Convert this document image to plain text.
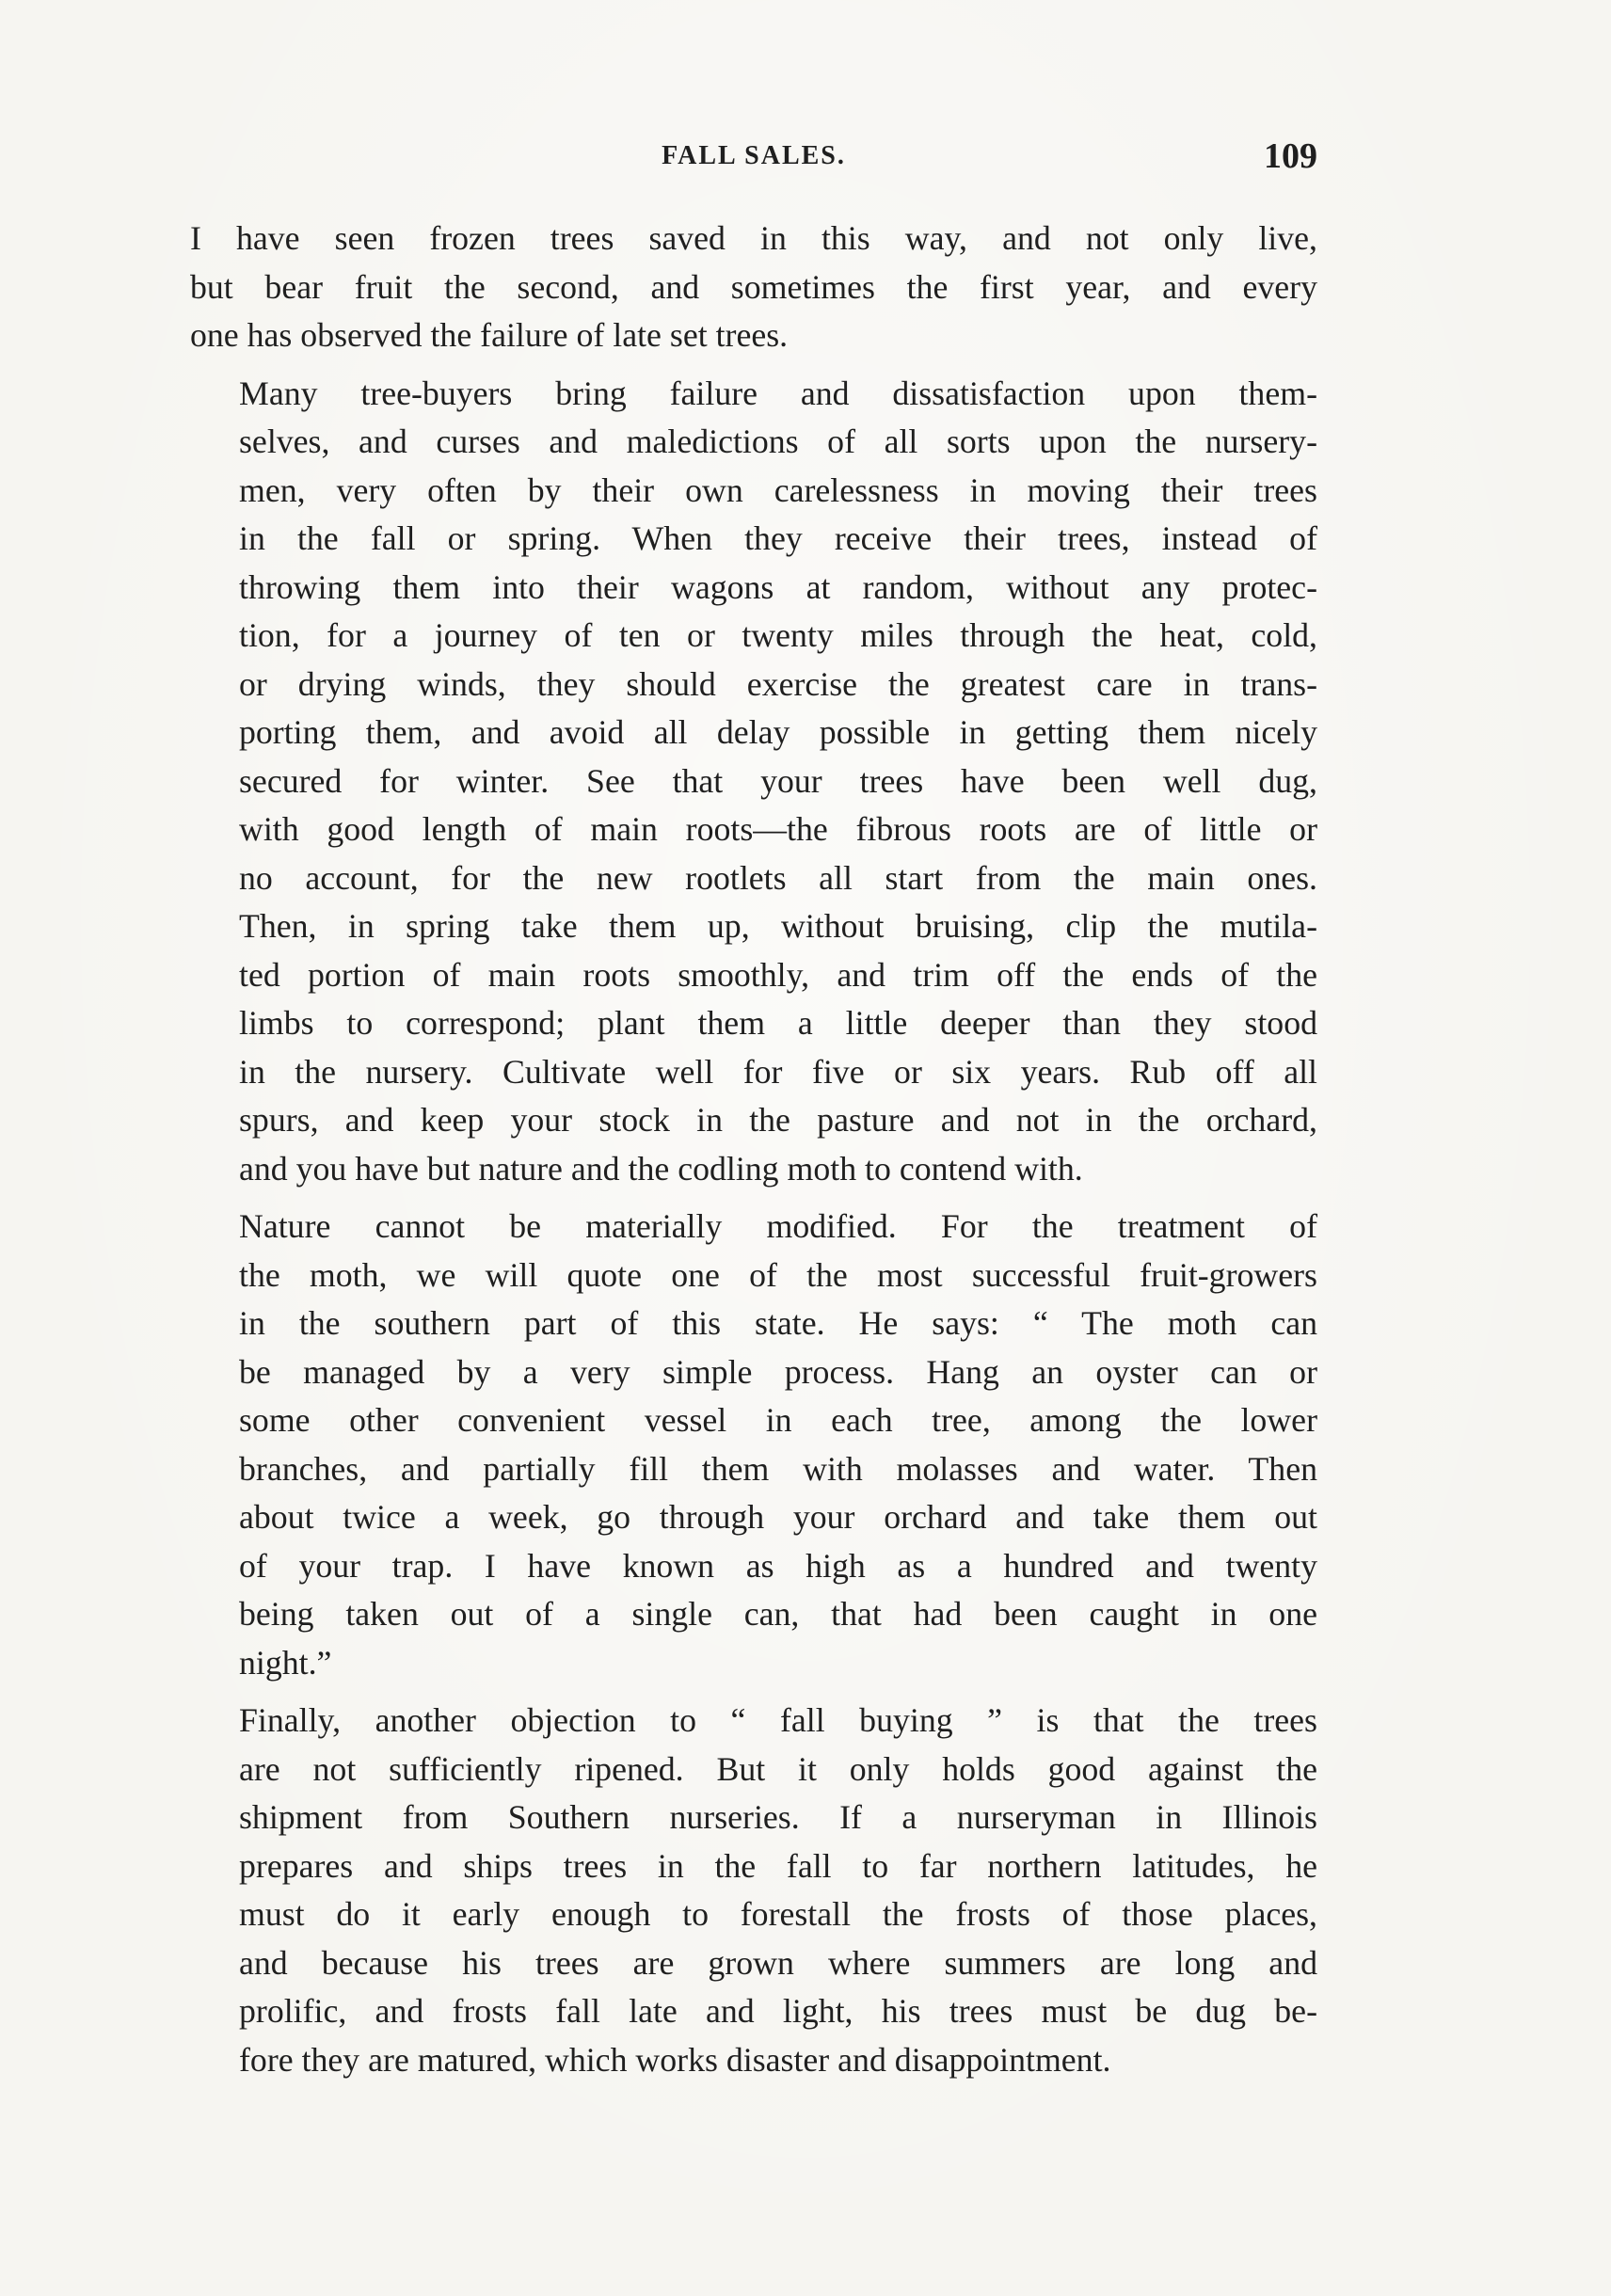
FALL SALES.	109

I have seen frozen trees saved in this way, and not only live,
but bear fruit the second, and sometimes the first year, and every
one has observed the failure of late set trees.

Many tree-buyers bring failure and dissatisfaction upon them-
selves, and curses and maledictions of all sorts upon the nursery-
men, very often by their own carelessness in moving their trees
in the fall or spring. When they receive their trees, instead of
throwing them into their wagons at random, without any protec-
tion, for a journey of ten or twenty miles through the heat, cold,
or drying winds, they should exercise the greatest care in trans-
porting them, and avoid all delay possible in getting them nicely
secured for winter. See that your trees have been well dug,
with good length of main roots—the fibrous roots are of little or
no account, for the new rootlets all start from the main ones.
Then, in spring take them up, without bruising, clip the mutila-
ted portion of main roots smoothly, and trim off the ends of the
limbs to correspond; plant them a little deeper than they stood
in the nursery. Cultivate well for five or six years. Rub off all
spurs, and keep your stock in the pasture and not in the orchard,
and you have but nature and the codling moth to contend with.

Nature cannot be materially modified. For the treatment of
the moth, we will quote one of the most successful fruit-growers
in the southern part of this state. He says: “ The moth can
be managed by a very simple process. Hang an oyster can or
some other convenient vessel in each tree, among the lower
branches, and partially fill them with molasses and water. Then
about twice a week, go through your orchard and take them out
of your trap. I have known as high as a hundred and twenty
being taken out of a single can, that had been caught in one
night.”

Finally, another objection to “ fall buying ” is that the trees
are not sufficiently ripened. But it only holds good against the
shipment from Southern nurseries. If a nurseryman in Illinois
prepares and ships trees in the fall to far northern latitudes, he
must do it early enough to forestall the frosts of those places,
and because his trees are grown where summers are long and
prolific, and frosts fall late and light, his trees must be dug be-
fore they are matured, which works disaster and disappointment.
